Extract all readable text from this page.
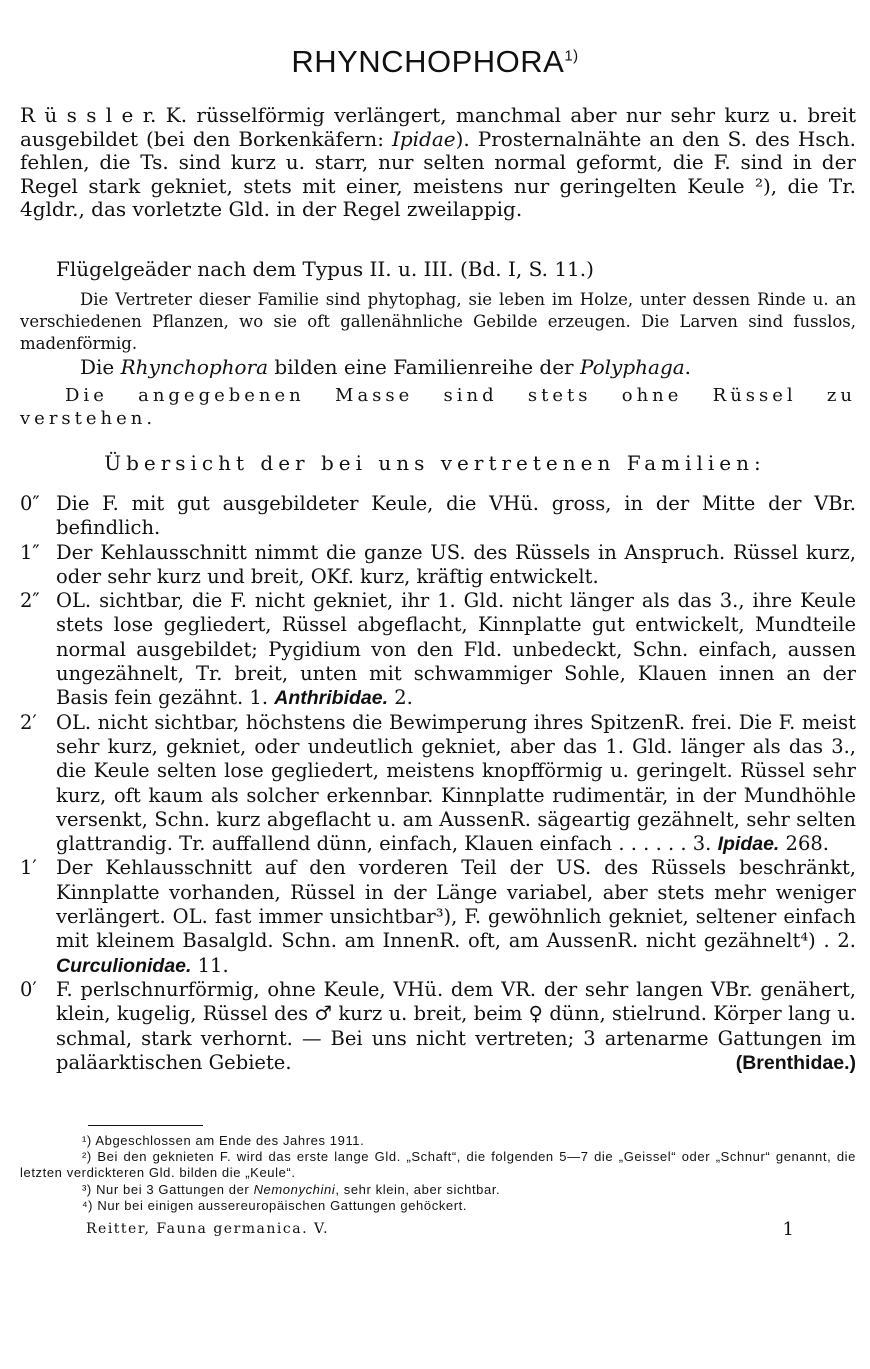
RHYNCHOPHORA$^{1)}$
R ü s s l e r. K. rüsselförmig verlängert, manchmal aber nur sehr kurz u. breit ausgebildet (bei den Borkenkäfern: Ipidae). Prosternalnähte an den S. des Hsch. fehlen, die Ts. sind kurz u. starr, nur selten normal geformt, die F. sind in der Regel stark gekniet, stets mit einer, meistens nur geringelten Keule ²), die Tr. 4gldr., das vorletzte Gld. in der Regel zweilappig.
Flügelgeäder nach dem Typus II. u. III. (Bd. I, S. 11.)
Die Vertreter dieser Familie sind phytophag, sie leben im Holze, unter dessen Rinde u. an verschiedenen Pflanzen, wo sie oft gallenähnliche Gebilde erzeugen. Die Larven sind fusslos, madenförmig.
Die Rhynchophora bilden eine Familienreihe der Polyphaga.
Die angegebenen Masse sind stets ohne Rüssel zu verstehen.
Übersicht der bei uns vertretenen Familien:
0″ Die F. mit gut ausgebildeter Keule, die VHü. gross, in der Mitte der VBr. befindlich.
1″ Der Kehlausschnitt nimmt die ganze US. des Rüssels in Anspruch. Rüssel kurz, oder sehr kurz und breit, OKf. kurz, kräftig entwickelt.
2″ OL. sichtbar, die F. nicht gekniet, ihr 1. Gld. nicht länger als das 3., ihre Keule stets lose gegliedert, Rüssel abgeflacht, Kinnplatte gut entwickelt, Mundteile normal ausgebildet; Pygidium von den Fld. unbedeckt, Schn. einfach, aussen ungezähnelt, Tr. breit, unten mit schwammiger Sohle, Klauen innen an der Basis fein gezähnt. 1. Anthribidae. 2.
2′ OL. nicht sichtbar, höchstens die Bewimperung ihres SpitzenR. frei. Die F. meist sehr kurz, gekniet, oder undeutlich gekniet, aber das 1. Gld. länger als das 3., die Keule selten lose gegliedert, meistens knopfförmig u. geringelt. Rüssel sehr kurz, oft kaum als solcher erkennbar. Kinnplatte rudimentär, in der Mundhöhle versenkt, Schn. kurz abgeflacht u. am AussenR. sägeartig gezähnelt, sehr selten glattrandig. Tr. auffallend dünn, einfach, Klauen einfach . . . . . . 3. Ipidae. 268.
1′ Der Kehlausschnitt auf den vorderen Teil der US. des Rüssels beschränkt, Kinnplatte vorhanden, Rüssel in der Länge variabel, aber stets mehr weniger verlängert. OL. fast immer unsichtbar³), F. gewöhnlich gekniet, seltener einfach mit kleinem Basalgld. Schn. am InnenR. oft, am AussenR. nicht gezähnelt⁴) . 2. Curculionidae. 11.
0′ F. perlschnurförmig, ohne Keule, VHü. dem VR. der sehr langen VBr. genähert, klein, kugelig, Rüssel des ♂ kurz u. breit, beim ♀ dünn, stielrund. Körper lang u. schmal, stark verhornt. — Bei uns nicht vertreten; 3 artenarme Gattungen im paläarktischen Gebiete.	(Brenthidae.)
¹) Abgeschlossen am Ende des Jahres 1911.
²) Bei den geknieten F. wird das erste lange Gld. „Schaft“, die folgenden 5—7 die „Geissel“ oder „Schnur“ genannt, die letzten verdickteren Gld. bilden die „Keule“.
³) Nur bei 3 Gattungen der Nemonychini, sehr klein, aber sichtbar.
⁴) Nur bei einigen aussereuropäischen Gattungen gehöckert.
Reitter, Fauna germanica. V.	1
